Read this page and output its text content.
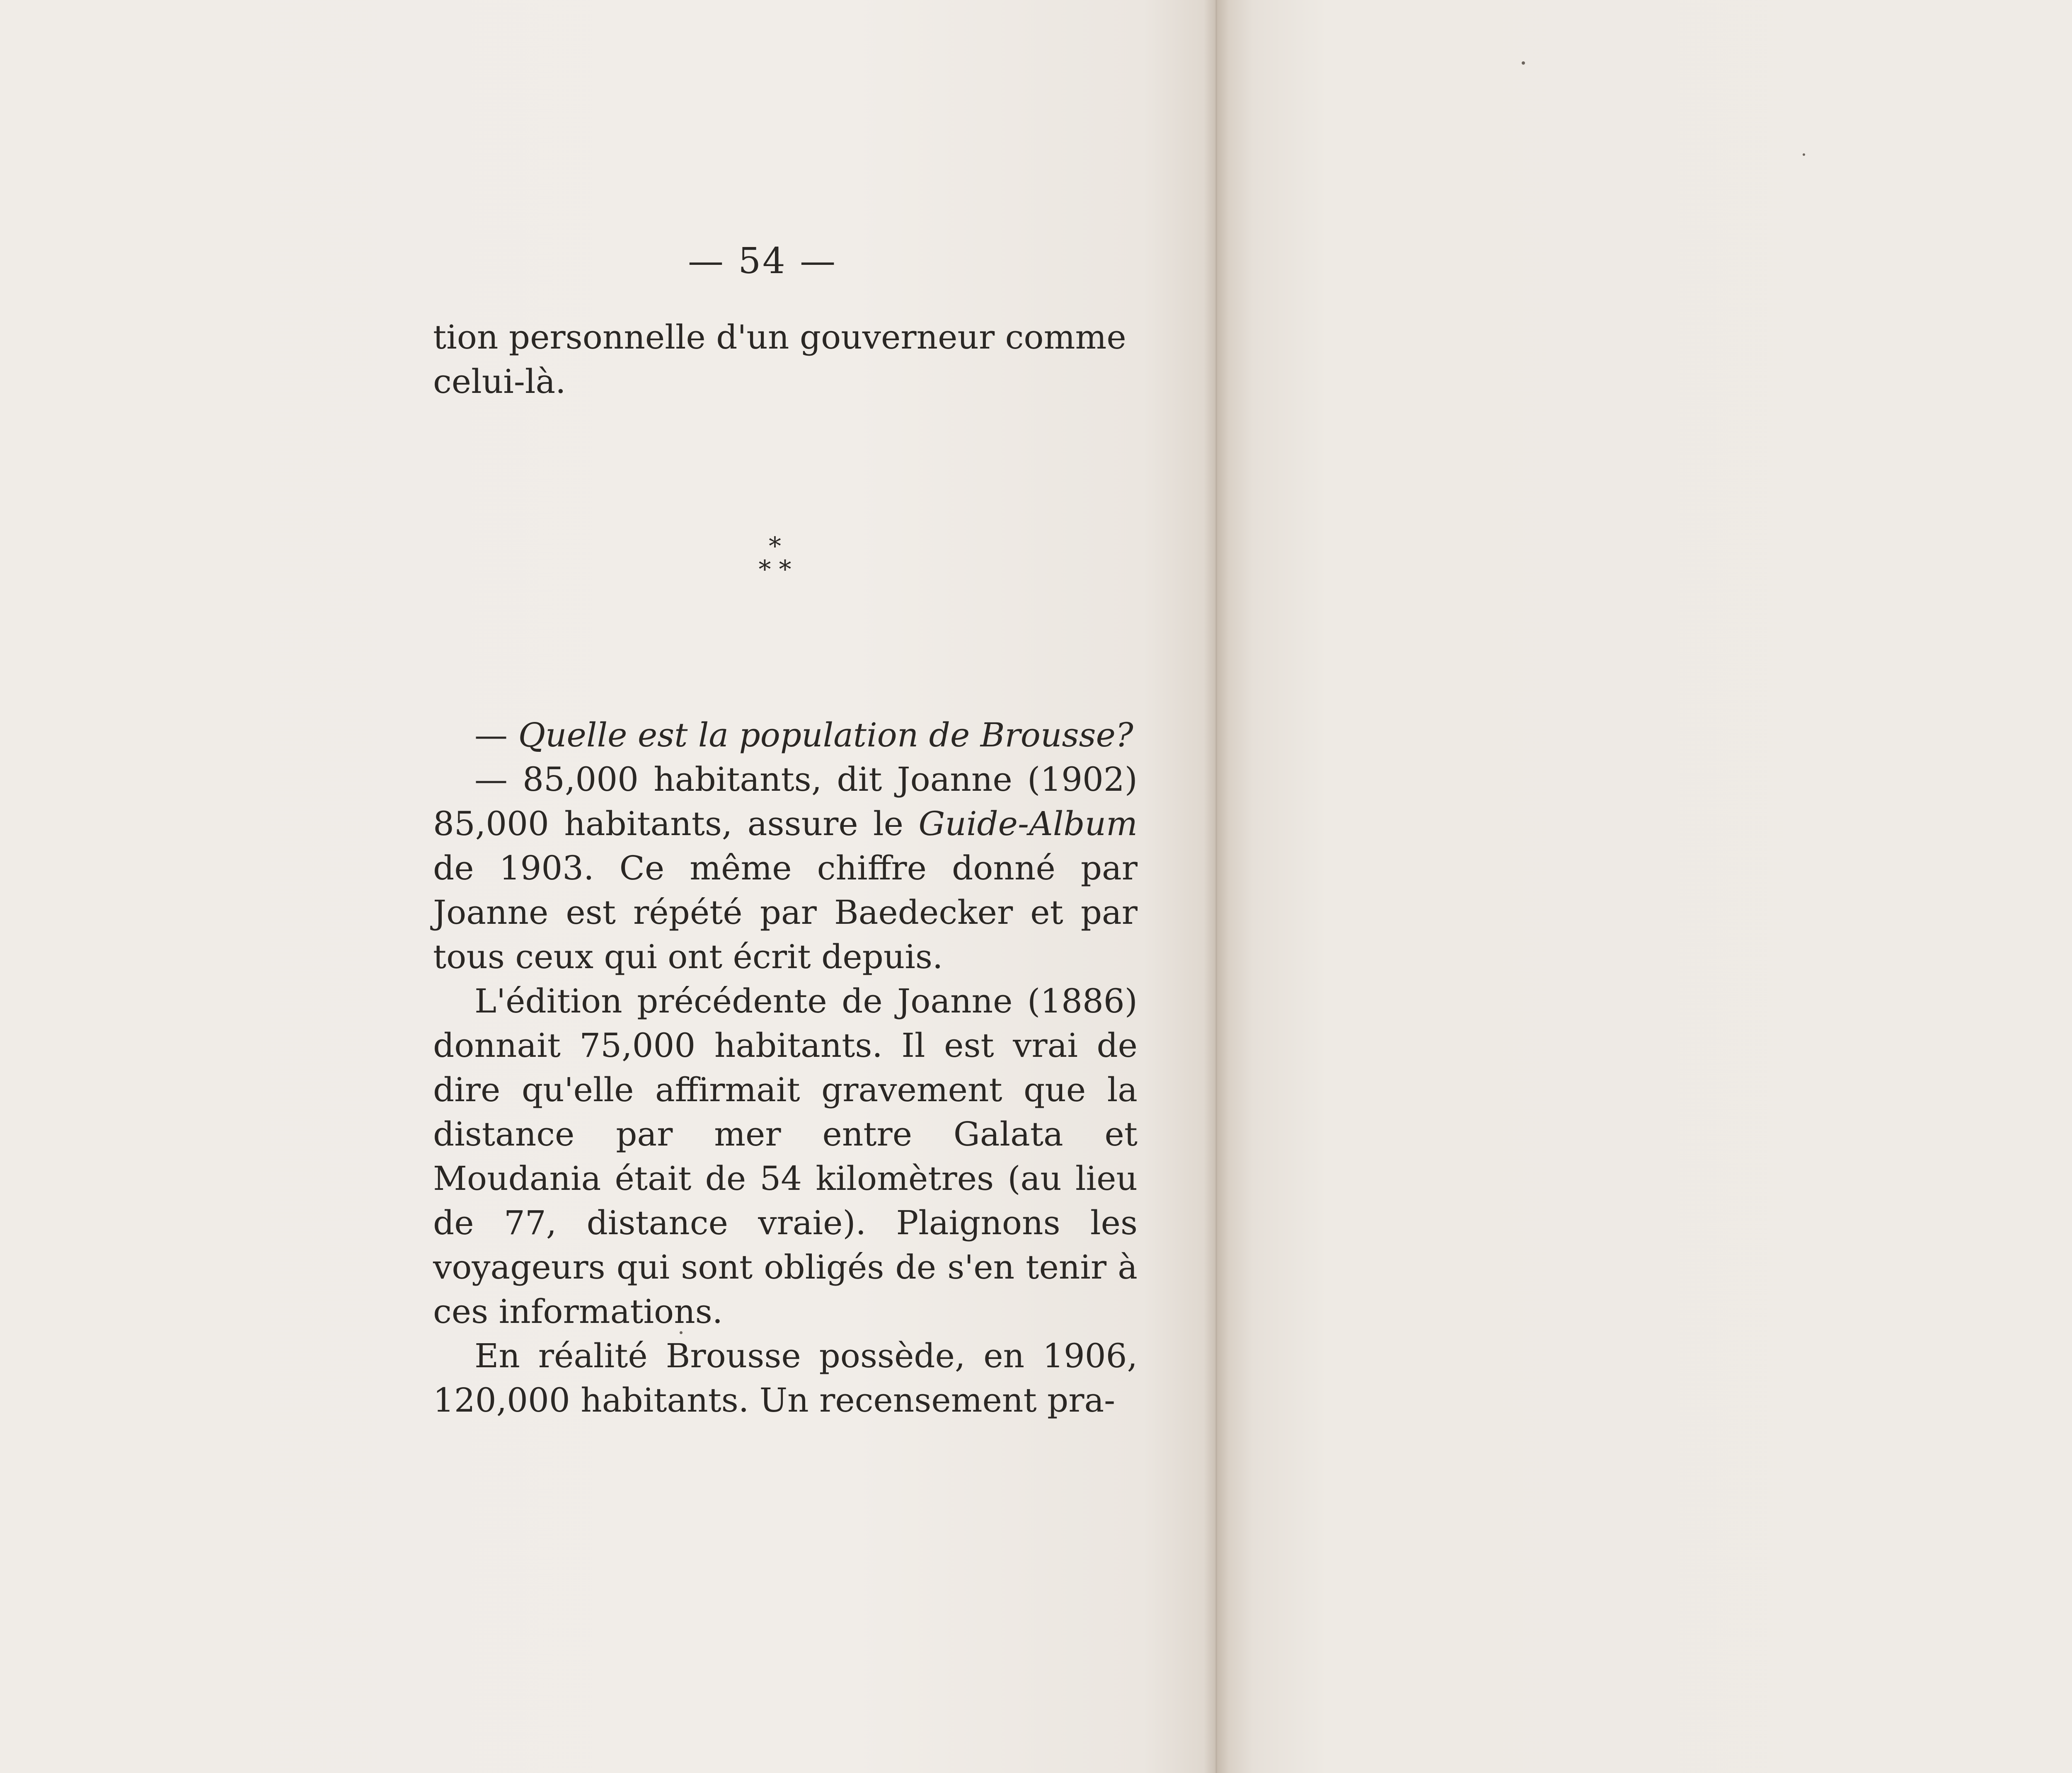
— 54 —
tion personnelle d'un gouverneur comme
celui-là.
*
* *

— Quelle est la population de Brousse?

— 85,000 habitants, dit Joanne (1902) 85,000 habitants, assure le Guide-Album de 1903. Ce même chiffre donné par Joanne est répété par Baedecker et par tous ceux qui ont écrit depuis.

L'édition précédente de Joanne (1886) donnait 75,000 habitants. Il est vrai de dire qu'elle affirmait gravement que la distance par mer entre Galata et Moudania était de 54 kilomètres (au lieu de 77, distance vraie). Plaignons les voyageurs qui sont obligés de s'en tenir à ces informations.

En réalité Brousse possède, en 1906, 120,000 habitants. Un recensement pra-
